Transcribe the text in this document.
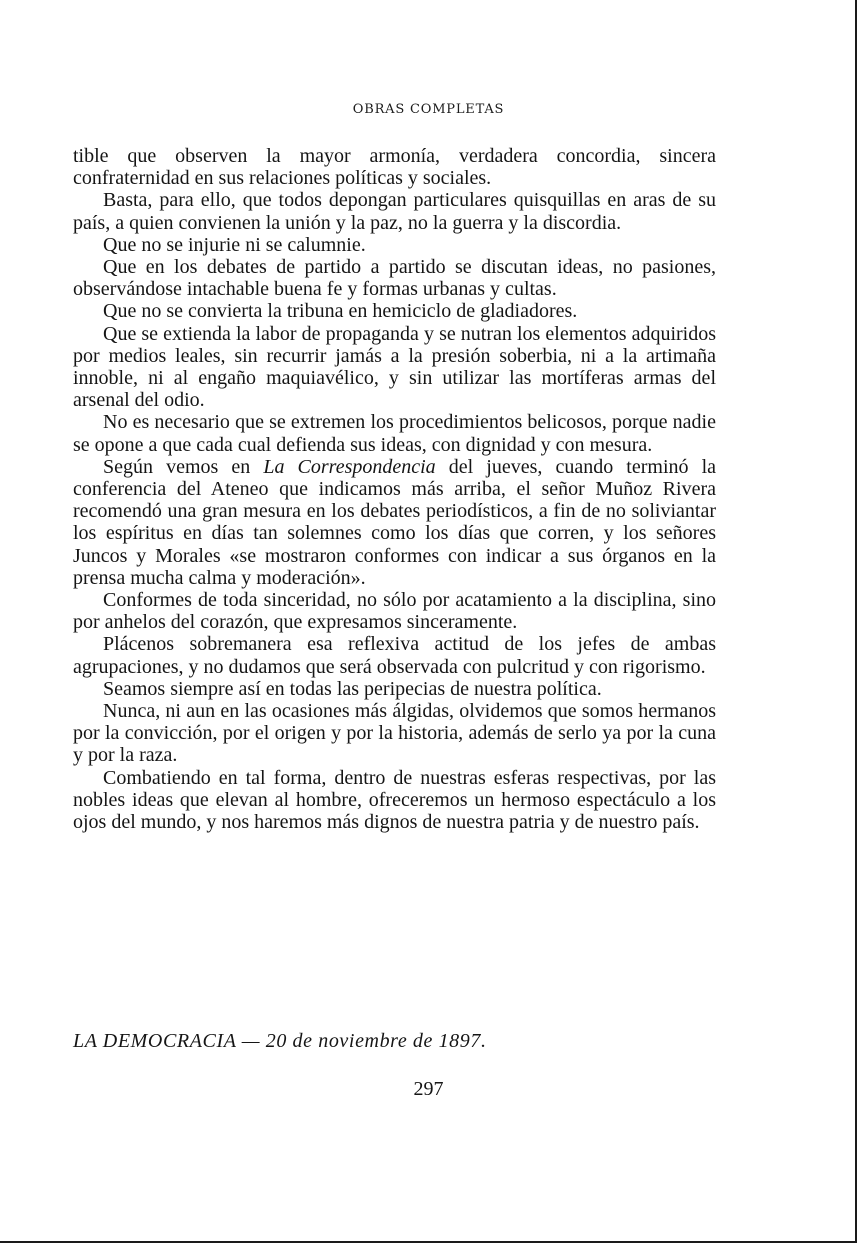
OBRAS COMPLETAS

tible que observen la mayor armonía, verdadera concordia, sincera confraternidad en sus relaciones políticas y sociales.

Basta, para ello, que todos depongan particulares quisquillas en aras de su país, a quien convienen la unión y la paz, no la guerra y la discordia.

Que no se injurie ni se calumnie.

Que en los debates de partido a partido se discutan ideas, no pasiones, observándose intachable buena fe y formas urbanas y cultas.

Que no se convierta la tribuna en hemiciclo de gladiadores.

Que se extienda la labor de propaganda y se nutran los elementos adquiridos por medios leales, sin recurrir jamás a la presión soberbia, ni a la artimaña innoble, ni al engaño maquiavélico, y sin utilizar las mortíferas armas del arsenal del odio.

No es necesario que se extremen los procedimientos belicosos, porque nadie se opone a que cada cual defienda sus ideas, con dignidad y con mesura.

Según vemos en La Correspondencia del jueves, cuando terminó la conferencia del Ateneo que indicamos más arriba, el señor Muñoz Rivera recomendó una gran mesura en los debates periodísticos, a fin de no soliviantar los espíritus en días tan solemnes como los días que corren, y los señores Juncos y Morales «se mostraron conformes con indicar a sus órganos en la prensa mucha calma y moderación».

Conformes de toda sinceridad, no sólo por acatamiento a la disciplina, sino por anhelos del corazón, que expresamos sinceramente.

Plácenos sobremanera esa reflexiva actitud de los jefes de ambas agrupaciones, y no dudamos que será observada con pulcritud y con rigorismo.

Seamos siempre así en todas las peripecias de nuestra política.

Nunca, ni aun en las ocasiones más álgidas, olvidemos que somos hermanos por la convicción, por el origen y por la historia, además de serlo ya por la cuna y por la raza.

Combatiendo en tal forma, dentro de nuestras esferas respectivas, por las nobles ideas que elevan al hombre, ofreceremos un hermoso espectáculo a los ojos del mundo, y nos haremos más dignos de nuestra patria y de nuestro país.

LA DEMOCRACIA — 20 de noviembre de 1897.
297
